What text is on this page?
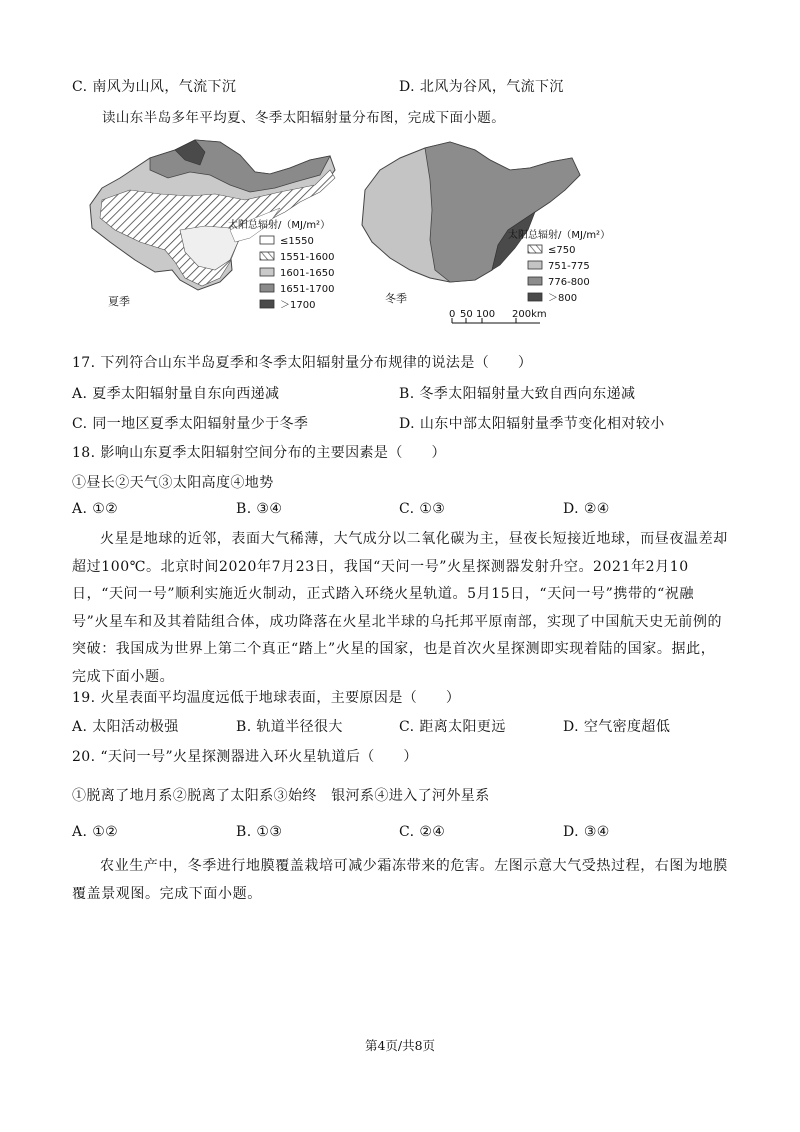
C. 南风为山风，气流下沉	D. 北风为谷风，气流下沉
读山东半岛多年平均夏、冬季太阳辐射量分布图，完成下面小题。
夏季
太阳总辐射/（MJ/m²）
≤1550
1551-1600
1601-1650
1651-1700
＞1700
冬季
太阳总辐射/（MJ/m²）
≤750
751-775
776-800
＞800
0 50 100 200km
17. 下列符合山东半岛夏季和冬季太阳辐射量分布规律的说法是（　　）
A. 夏季太阳辐射量自东向西递减	B. 冬季太阳辐射量大致自西向东递减
C. 同一地区夏季太阳辐射量少于冬季	D. 山东中部太阳辐射量季节变化相对较小
18. 影响山东夏季太阳辐射空间分布的主要因素是（　　）
①昼长②天气③太阳高度④地势
A. ①②	B. ③④	C. ①③	D. ②④
火星是地球的近邻，表面大气稀薄，大气成分以二氧化碳为主，昼夜长短接近地球，而昼夜温差却超过100℃。北京时间2020年7月23日，我国“天问一号”火星探测器发射升空。2021年2月10日，“天问一号”顺利实施近火制动，正式踏入环绕火星轨道。5月15日，“天问一号”携带的“祝融号”火星车和及其着陆组合体，成功降落在火星北半球的乌托邦平原南部，实现了中国航天史无前例的突破：我国成为世界上第二个真正“踏上”火星的国家，也是首次火星探测即实现着陆的国家。据此，完成下面小题。
19. 火星表面平均温度远低于地球表面，主要原因是（　　）
A. 太阳活动极强	B. 轨道半径很大	C. 距离太阳更远	D. 空气密度超低
20. “天问一号”火星探测器进入环火星轨道后（　　）
①脱离了地月系②脱离了太阳系③始终　银河系④进入了河外星系
A. ①②	B. ①③	C. ②④	D. ③④
农业生产中，冬季进行地膜覆盖栽培可减少霜冻带来的危害。左图示意大气受热过程，右图为地膜覆盖景观图。完成下面小题。
第4页/共8页
